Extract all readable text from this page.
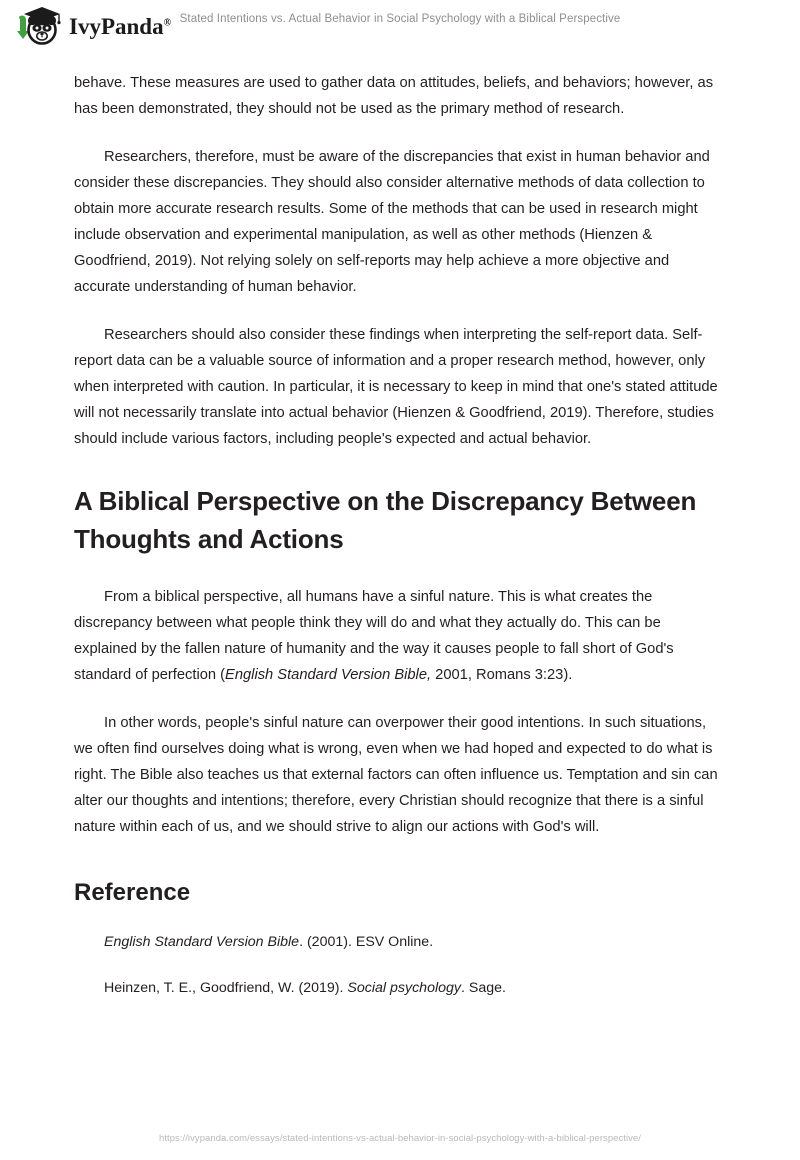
IvyPanda® Stated Intentions vs. Actual Behavior in Social Psychology with a Biblical Perspective

behave. These measures are used to gather data on attitudes, beliefs, and behaviors; however, as has been demonstrated, they should not be used as the primary method of research.

Researchers, therefore, must be aware of the discrepancies that exist in human behavior and consider these discrepancies. They should also consider alternative methods of data collection to obtain more accurate research results. Some of the methods that can be used in research might include observation and experimental manipulation, as well as other methods (Hienzen & Goodfriend, 2019). Not relying solely on self-reports may help achieve a more objective and accurate understanding of human behavior.

Researchers should also consider these findings when interpreting the self-report data. Self-report data can be a valuable source of information and a proper research method, however, only when interpreted with caution. In particular, it is necessary to keep in mind that one's stated attitude will not necessarily translate into actual behavior (Hienzen & Goodfriend, 2019). Therefore, studies should include various factors, including people's expected and actual behavior.

A Biblical Perspective on the Discrepancy Between Thoughts and Actions

From a biblical perspective, all humans have a sinful nature. This is what creates the discrepancy between what people think they will do and what they actually do. This can be explained by the fallen nature of humanity and the way it causes people to fall short of God's standard of perfection (English Standard Version Bible, 2001, Romans 3:23).

In other words, people's sinful nature can overpower their good intentions. In such situations, we often find ourselves doing what is wrong, even when we had hoped and expected to do what is right. The Bible also teaches us that external factors can often influence us. Temptation and sin can alter our thoughts and intentions; therefore, every Christian should recognize that there is a sinful nature within each of us, and we should strive to align our actions with God's will.

Reference
English Standard Version Bible. (2001). ESV Online.
Heinzen, T. E., Goodfriend, W. (2019). Social psychology. Sage.
https://ivypanda.com/essays/stated-intentions-vs-actual-behavior-in-social-psychology-with-a-biblical-perspective/
